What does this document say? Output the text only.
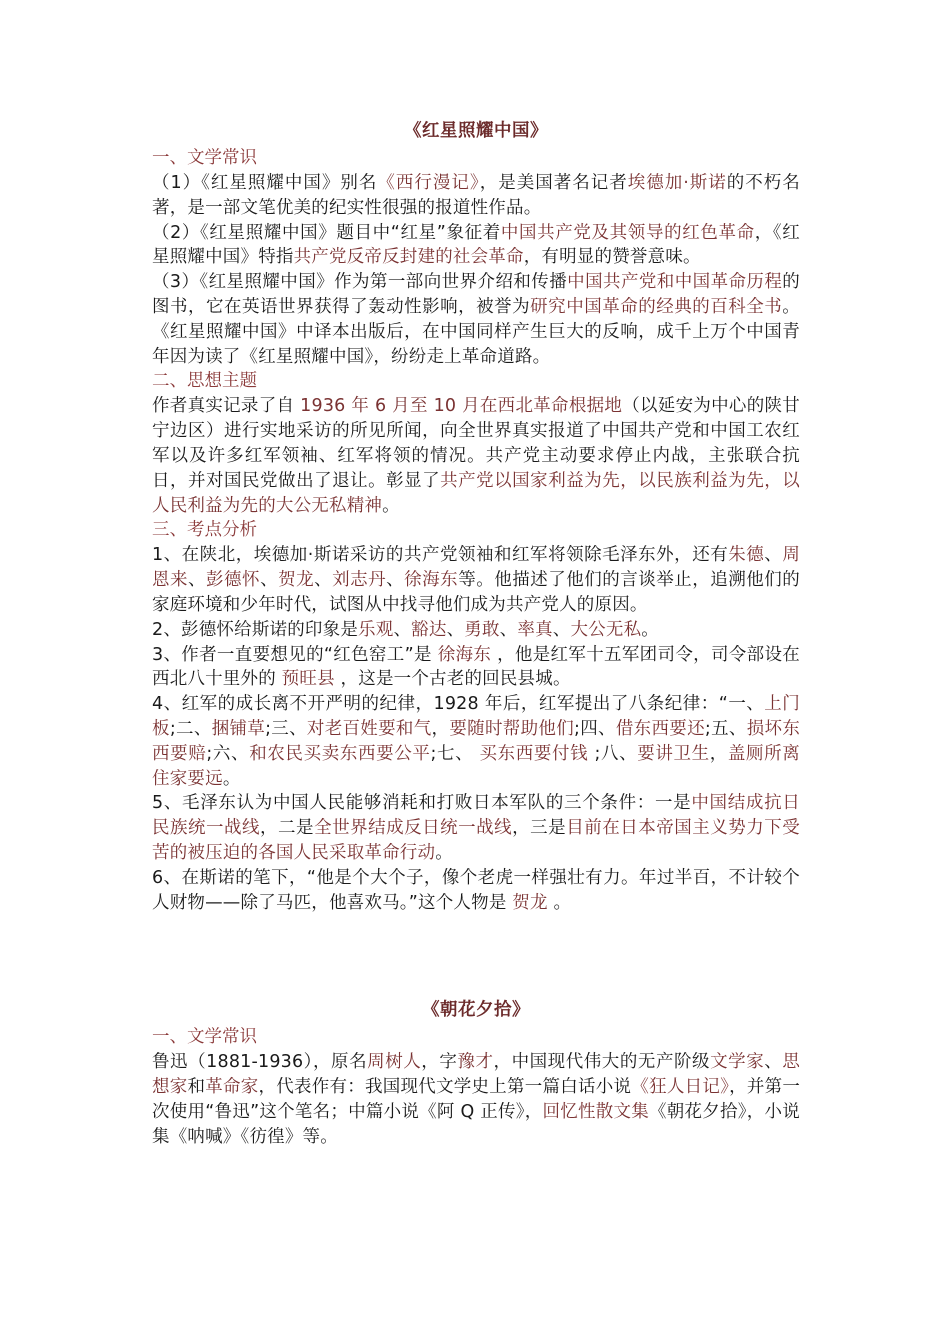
《红星照耀中国》
一、文学常识
（1）《红星照耀中国》别名《西行漫记》，是美国著名记者埃德加·斯诺的不朽名著，是一部文笔优美的纪实性很强的报道性作品。
（2）《红星照耀中国》题目中“红星”象征着中国共产党及其领导的红色革命，《红星照耀中国》特指共产党反帝反封建的社会革命，有明显的赞誉意味。
（3）《红星照耀中国》作为第一部向世界介绍和传播中国共产党和中国革命历程的图书，它在英语世界获得了轰动性影响，被誉为研究中国革命的经典的百科全书。《红星照耀中国》中译本出版后，在中国同样产生巨大的反响，成千上万个中国青年因为读了《红星照耀中国》，纷纷走上革命道路。
二、思想主题
作者真实记录了自 1936 年 6 月至 10 月在西北革命根据地（以延安为中心的陕甘宁边区）进行实地采访的所见所闻，向全世界真实报道了中国共产党和中国工农红军以及许多红军领袖、红军将领的情况。共产党主动要求停止内战，主张联合抗日，并对国民党做出了退让。彰显了共产党以国家利益为先，以民族利益为先，以人民利益为先的大公无私精神。
三、考点分析
1、在陕北，埃德加·斯诺采访的共产党领袖和红军将领除毛泽东外，还有朱德、周恩来、彭德怀、贺龙、刘志丹、徐海东等。他描述了他们的言谈举止，追溯他们的家庭环境和少年时代，试图从中找寻他们成为共产党人的原因。
2、彭德怀给斯诺的印象是乐观、豁达、勇敢、率真、大公无私。
3、作者一直要想见的“红色窑工”是 徐海东 ，他是红军十五军团司令，司令部设在西北八十里外的 预旺县 ，这是一个古老的回民县城。
4、红军的成长离不开严明的纪律，1928 年后，红军提出了八条纪律：“一、上门板;二、捆铺草;三、对老百姓要和气，要随时帮助他们;四、借东西要还;五、损坏东西要赔;六、和农民买卖东西要公平;七、 买东西要付钱 ;八、要讲卫生，盖厕所离住家要远。
5、毛泽东认为中国人民能够消耗和打败日本军队的三个条件：一是中国结成抗日民族统一战线，二是全世界结成反日统一战线，三是目前在日本帝国主义势力下受苦的被压迫的各国人民采取革命行动。
6、在斯诺的笔下，“他是个大个子，像个老虎一样强壮有力。年过半百，不计较个人财物——除了马匹，他喜欢马。”这个人物是 贺龙 。
《朝花夕拾》
一、文学常识
鲁迅（1881-1936），原名周树人，字豫才，中国现代伟大的无产阶级文学家、思想家和革命家，代表作有：我国现代文学史上第一篇白话小说《狂人日记》，并第一次使用“鲁迅”这个笔名；中篇小说《阿 Q 正传》，回忆性散文集《朝花夕拾》，小说集《呐喊》《彷徨》等。
